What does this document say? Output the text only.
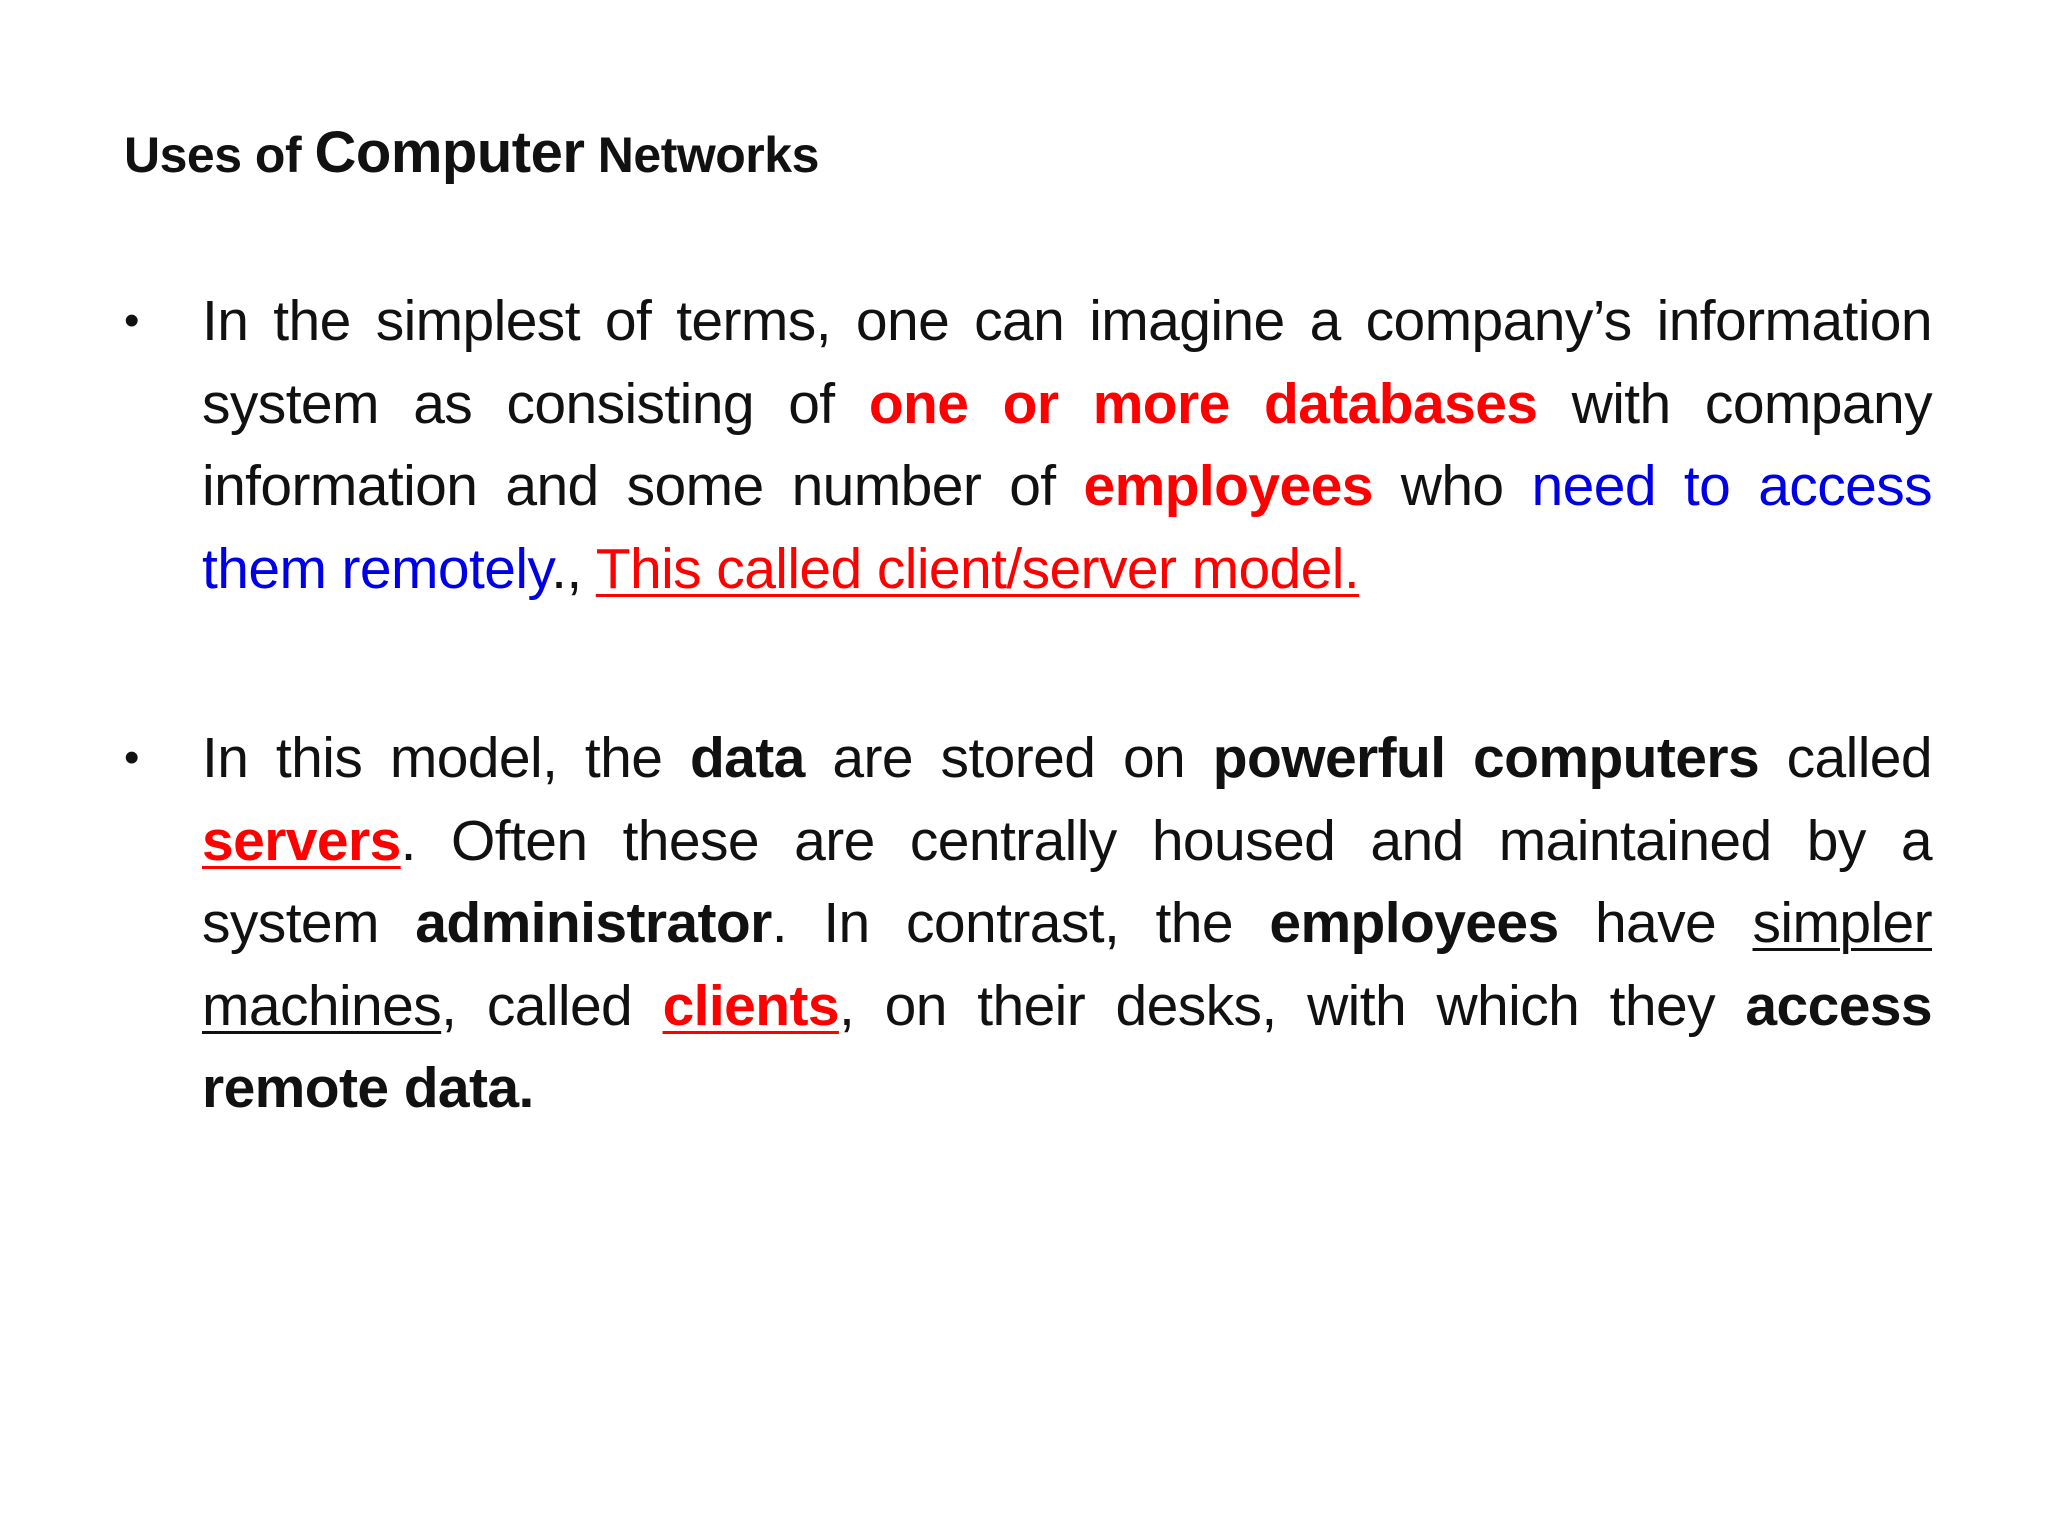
Uses of Computer Networks
• In the simplest of terms, one can imagine a company’s information system as consisting of one or more databases with company information and some number of employees who need to access them remotely., This called client/server model.
• In this model, the data are stored on powerful computers called servers. Often these are centrally housed and maintained by a system administrator. In contrast, the employees have simpler machines, called clients, on their desks, with which they access remote data.
